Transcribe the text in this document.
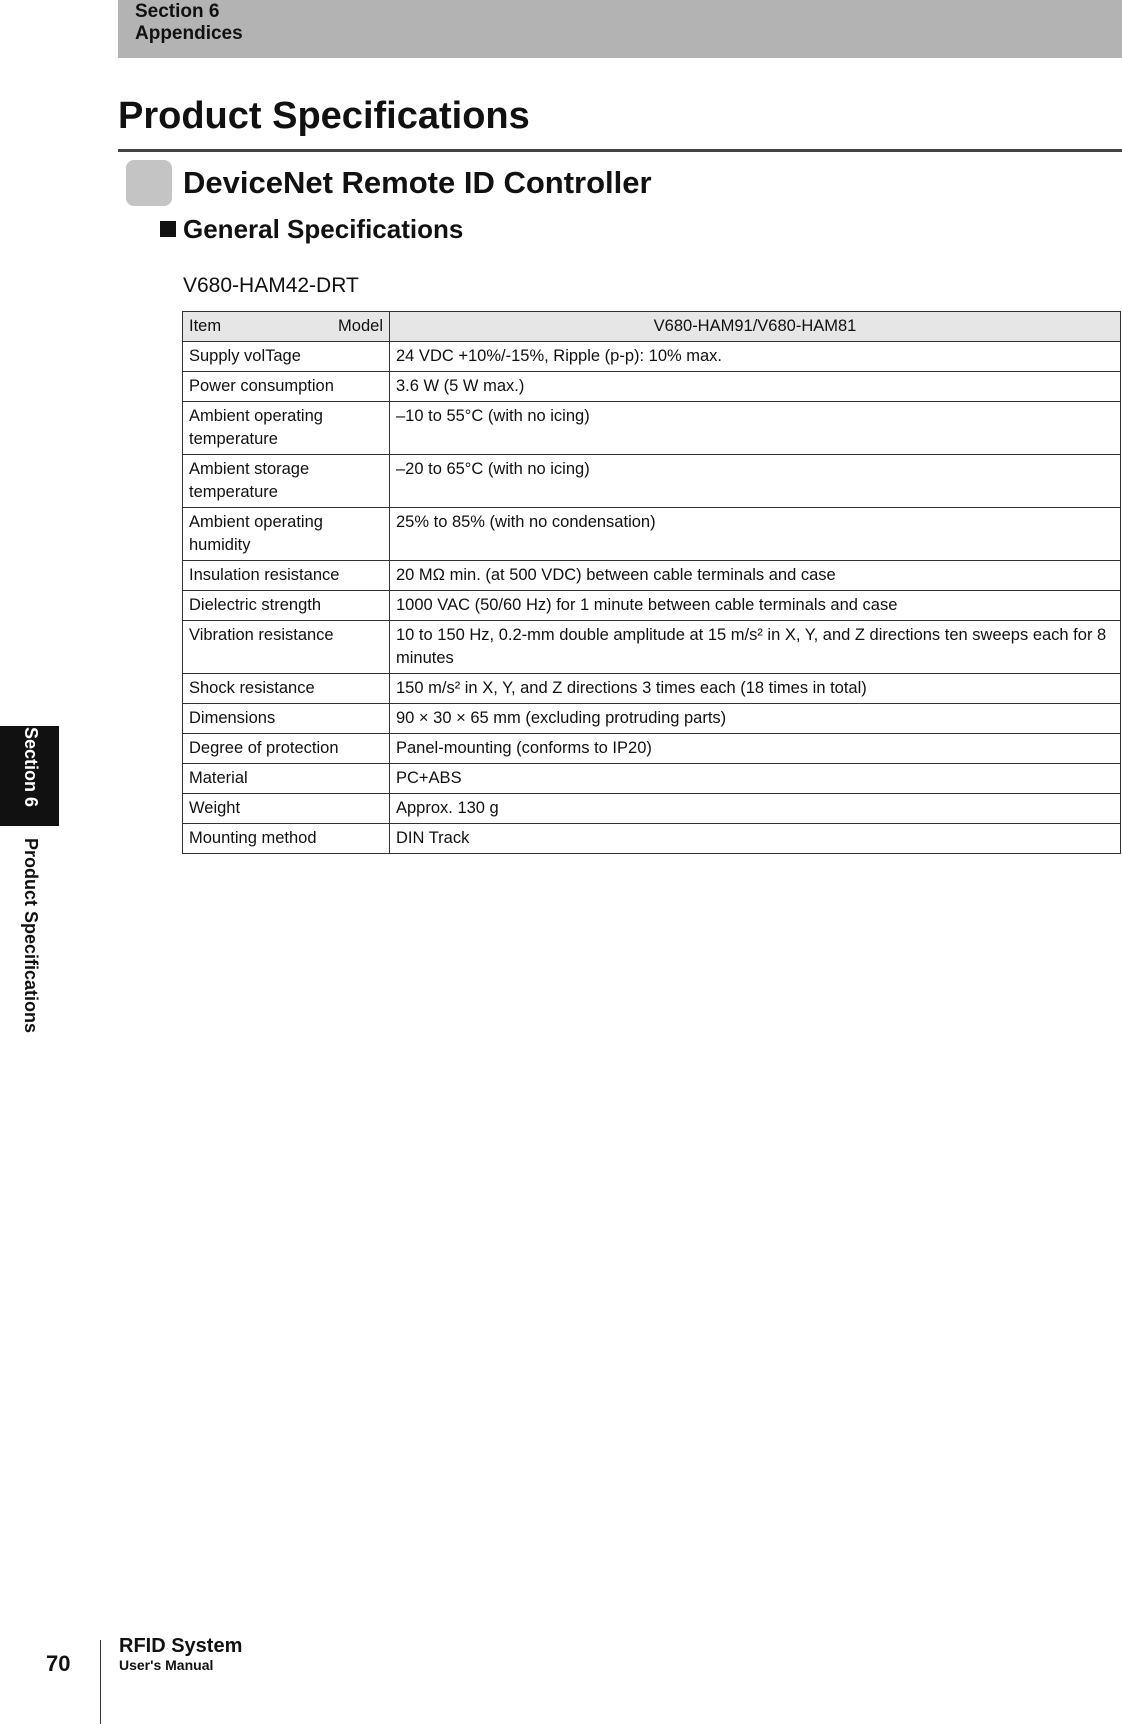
Section 6
Appendices
Product Specifications
DeviceNet Remote ID Controller
General Specifications
V680-HAM42-DRT
Item Model	V680-HAM91/V680-HAM81
Supply volTage	24 VDC +10%/-15%, Ripple (p-p): 10% max.
Power consumption	3.6 W (5 W max.)
Ambient operating temperature	–10 to 55°C (with no icing)
Ambient storage temperature	–20 to 65°C (with no icing)
Ambient operating humidity	25% to 85% (with no condensation)
Insulation resistance	20 MΩ min. (at 500 VDC) between cable terminals and case
Dielectric strength	1000 VAC (50/60 Hz) for 1 minute between cable terminals and case
Vibration resistance	10 to 150 Hz, 0.2-mm double amplitude at 15 m/s² in X, Y, and Z directions ten sweeps each for 8 minutes
Shock resistance	150 m/s² in X, Y, and Z directions 3 times each (18 times in total)
Dimensions	90 × 30 × 65 mm (excluding protruding parts)
Degree of protection	Panel-mounting (conforms to IP20)
Material	PC+ABS
Weight	Approx. 130 g
Mounting method	DIN Track
Section 6
Product Specifications
70
RFID System
User's Manual
